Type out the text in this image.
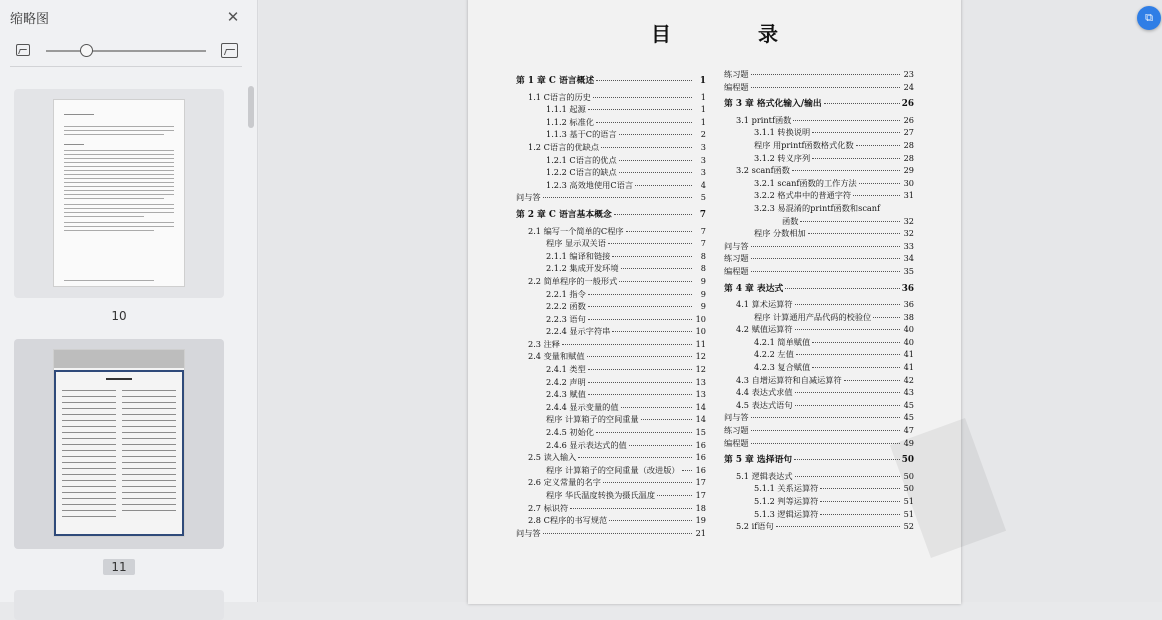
缩略图	✕
10
11
目 录
第 1 章 C 语言概述	1
1.1 C语言的历史	1
1.1.1 起源	1
1.1.2 标准化	1
1.1.3 基于C的语言	2
1.2 C语言的优缺点	3
1.2.1 C语言的优点	3
1.2.2 C语言的缺点	3
1.2.3 高效地使用C语言	4
问与答	5
第 2 章 C 语言基本概念	7
2.1 编写一个简单的C程序	7
程序 显示双关语	7
2.1.1 编译和链接	8
2.1.2 集成开发环境	8
2.2 简单程序的一般形式	9
2.2.1 指令	9
2.2.2 函数	9
2.2.3 语句	10
2.2.4 显示字符串	10
2.3 注释	11
2.4 变量和赋值	12
2.4.1 类型	12
2.4.2 声明	13
2.4.3 赋值	13
2.4.4 显示变量的值	14
程序 计算箱子的空间重量	14
2.4.5 初始化	15
2.4.6 显示表达式的值	16
2.5 读入输入	16
程序 计算箱子的空间重量（改进版） 16
2.6 定义常量的名字	17
程序 华氏温度转换为摄氏温度	17
2.7 标识符	18
2.8 C程序的书写规范	19
问与答	21
练习题	23
编程题	24
第 3 章 格式化输入/输出	26
3.1 printf函数	26
3.1.1 转换说明	27
程序 用printf函数格式化数	28
3.1.2 转义序列	28
3.2 scanf函数	29
3.2.1 scanf函数的工作方法	30
3.2.2 格式串中的普通字符	31
3.2.3 易混淆的printf函数和scanf
函数	32
程序 分数相加	32
问与答	33
练习题	34
编程题	35
第 4 章 表达式	36
4.1 算术运算符	36
程序 计算通用产品代码的校验位	38
4.2 赋值运算符	40
4.2.1 简单赋值	40
4.2.2 左值	41
4.2.3 复合赋值	41
4.3 自增运算符和自减运算符	42
4.4 表达式求值	43
4.5 表达式语句	45
问与答	45
练习题	47
编程题	49
第 5 章 选择语句	50
5.1 逻辑表达式	50
5.1.1 关系运算符	50
5.1.2 判等运算符	51
5.1.3 逻辑运算符	51
5.2 if语句	52
⧉
